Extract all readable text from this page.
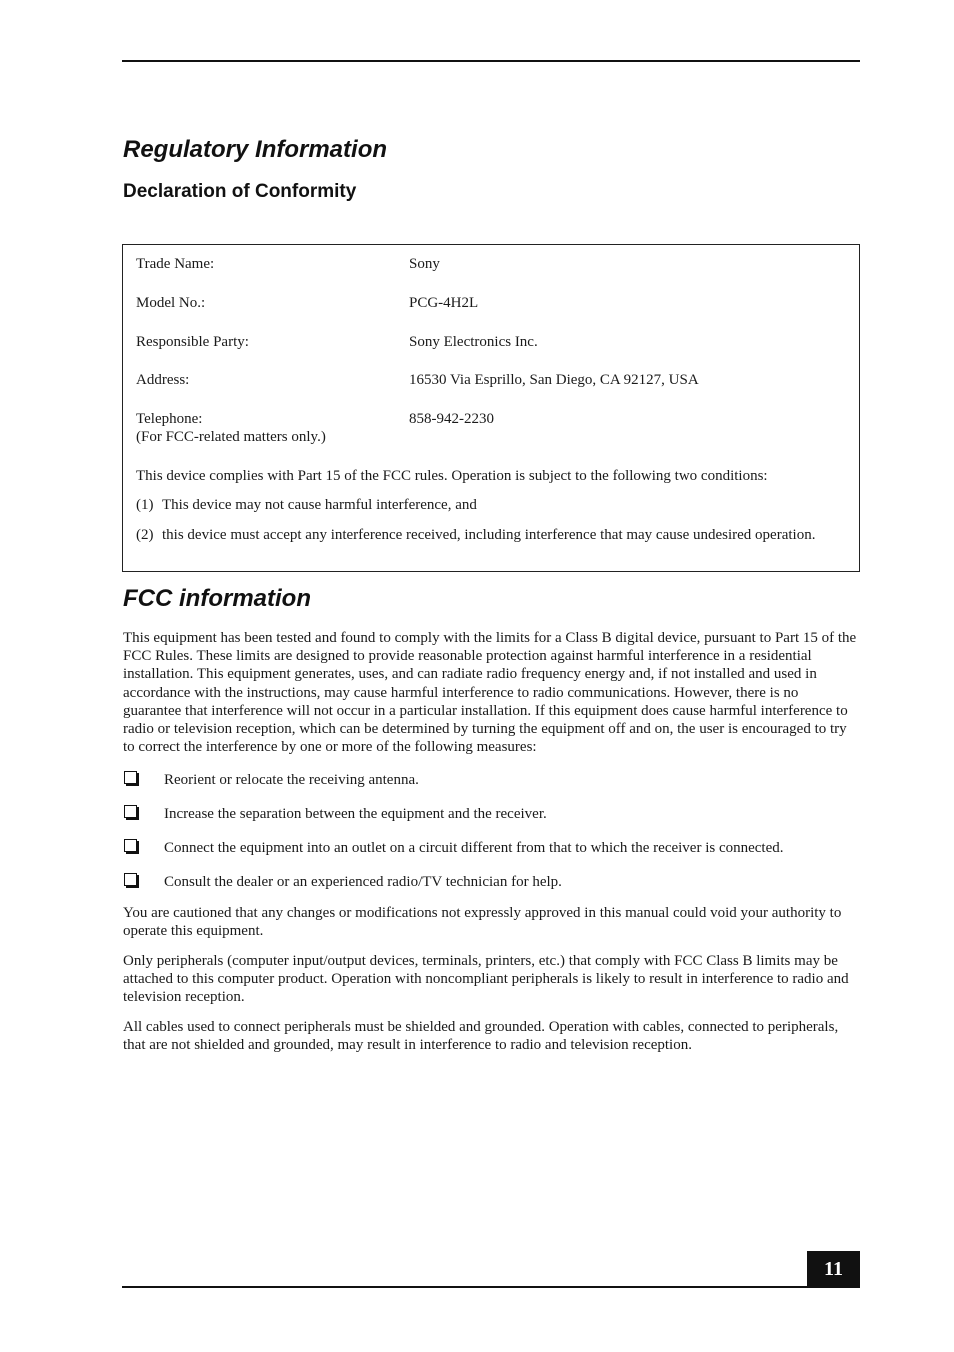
Regulatory Information
Declaration of Conformity
Trade Name:	Sony
Model No.:	PCG-4H2L
Responsible Party:	Sony Electronics Inc.
Address:	16530 Via Esprillo, San Diego, CA 92127, USA
Telephone:	858-942-2230
(For FCC-related matters only.)
This device complies with Part 15 of the FCC rules. Operation is subject to the following two conditions:
(1) This device may not cause harmful interference, and
(2) this device must accept any interference received, including interference that may cause undesired operation.
FCC information

This equipment has been tested and found to comply with the limits for a Class B digital device, pursuant to Part 15 of the FCC Rules. These limits are designed to provide reasonable protection against harmful interference in a residential installation. This equipment generates, uses, and can radiate radio frequency energy and, if not installed and used in accordance with the instructions, may cause harmful interference to radio communications. However, there is no guarantee that interference will not occur in a particular installation. If this equipment does cause harmful interference to radio or television reception, which can be determined by turning the equipment off and on, the user is encouraged to try to correct the interference by one or more of the following measures:

Reorient or relocate the receiving antenna.
Increase the separation between the equipment and the receiver.
Connect the equipment into an outlet on a circuit different from that to which the receiver is connected.
Consult the dealer or an experienced radio/TV technician for help.

You are cautioned that any changes or modifications not expressly approved in this manual could void your authority to operate this equipment.

Only peripherals (computer input/output devices, terminals, printers, etc.) that comply with FCC Class B limits may be attached to this computer product. Operation with noncompliant peripherals is likely to result in interference to radio and television reception.

All cables used to connect peripherals must be shielded and grounded. Operation with cables, connected to peripherals, that are not shielded and grounded, may result in interference to radio and television reception.

11
